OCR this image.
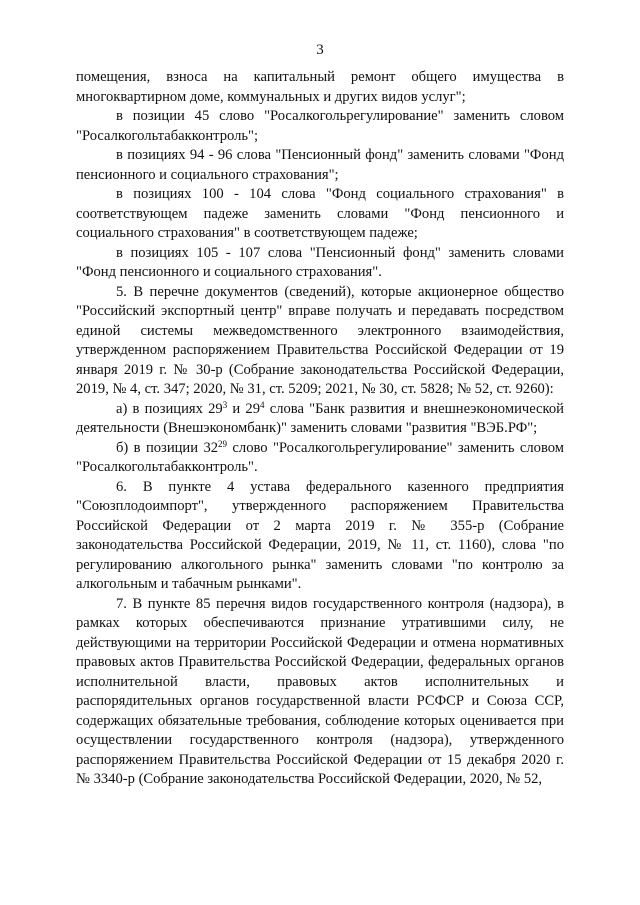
3

помещения, взноса на капитальный ремонт общего имущества в многоквартирном доме, коммунальных и других видов услуг";

в позиции 45 слово "Росалкогольрегулирование" заменить словом "Росалкогольтабакконтроль";

в позициях 94 - 96 слова "Пенсионный фонд" заменить словами "Фонд пенсионного и социального страхования";

в позициях 100 - 104 слова "Фонд социального страхования" в соответствующем падеже заменить словами "Фонд пенсионного и социального страхования" в соответствующем падеже;

в позициях 105 - 107 слова "Пенсионный фонд" заменить словами "Фонд пенсионного и социального страхования".

5. В перечне документов (сведений), которые акционерное общество "Российский экспортный центр" вправе получать и передавать посредством единой системы межведомственного электронного взаимодействия, утвержденном распоряжением Правительства Российской Федерации от 19 января 2019 г. № 30-р (Собрание законодательства Российской Федерации, 2019, № 4, ст. 347; 2020, № 31, ст. 5209; 2021, № 30, ст. 5828; № 52, ст. 9260):

а) в позициях $29^3$ и $29^4$ слова "Банк развития и внешнеэкономической деятельности (Внешэкономбанк)" заменить словами "развития "ВЭБ.РФ";

б) в позиции $32^{29}$ слово "Росалкогольрегулирование" заменить словом "Росалкогольтабакконтроль".

6. В пункте 4 устава федерального казенного предприятия "Союзплодоимпорт", утвержденного распоряжением Правительства Российской Федерации от 2 марта 2019 г. № 355-р (Собрание законодательства Российской Федерации, 2019, № 11, ст. 1160), слова "по регулированию алкогольного рынка" заменить словами "по контролю за алкогольным и табачным рынками".

7. В пункте 85 перечня видов государственного контроля (надзора), в рамках которых обеспечиваются признание утратившими силу, не действующими на территории Российской Федерации и отмена нормативных правовых актов Правительства Российской Федерации, федеральных органов исполнительной власти, правовых актов исполнительных и распорядительных органов государственной власти РСФСР и Союза ССР, содержащих обязательные требования, соблюдение которых оценивается при осуществлении государственного контроля (надзора), утвержденного распоряжением Правительства Российской Федерации от 15 декабря 2020 г. № 3340-р (Собрание законодательства Российской Федерации, 2020, № 52,
